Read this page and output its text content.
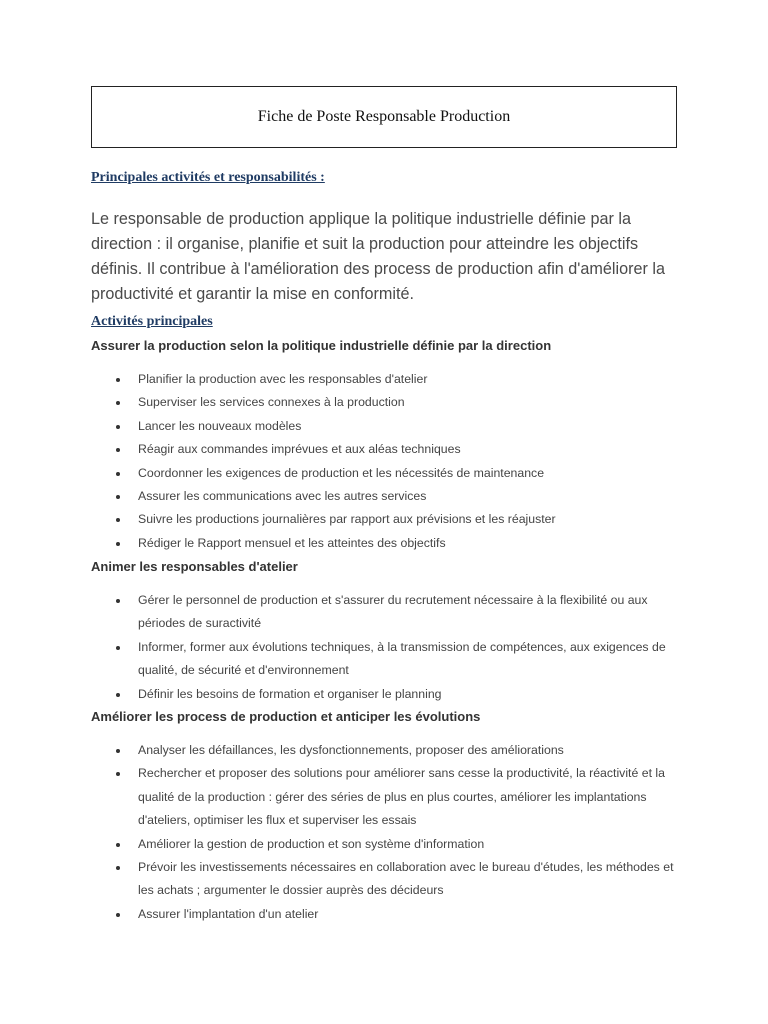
Fiche de Poste Responsable Production
Principales activités et responsabilités :

Le responsable de production applique la politique industrielle définie par la direction : il organise, planifie et suit la production pour atteindre les objectifs définis. Il contribue à l'amélioration des process de production afin d'améliorer la productivité et garantir la mise en conformité.

Activités principales
Assurer la production selon la politique industrielle définie par la direction
Planifier la production avec les responsables d'atelier
Superviser les services connexes à la production
Lancer les nouveaux modèles
Réagir aux commandes imprévues et aux aléas techniques
Coordonner les exigences de production et les nécessités de maintenance
Assurer les communications avec les autres services
Suivre les productions journalières par rapport aux prévisions et les réajuster
Rédiger le Rapport mensuel et les atteintes des objectifs
Animer les responsables d'atelier
Gérer le personnel de production et s'assurer du recrutement nécessaire à la flexibilité ou aux périodes de suractivité
Informer, former aux évolutions techniques, à la transmission de compétences, aux exigences de qualité, de sécurité et d'environnement
Définir les besoins de formation et organiser le planning
Améliorer les process de production et anticiper les évolutions
Analyser les défaillances, les dysfonctionnements, proposer des améliorations
Rechercher et proposer des solutions pour améliorer sans cesse la productivité, la réactivité et la qualité de la production : gérer des séries de plus en plus courtes, améliorer les implantations d'ateliers, optimiser les flux et superviser les essais
Améliorer la gestion de production et son système d'information
Prévoir les investissements nécessaires en collaboration avec le bureau d'études, les méthodes et les achats ; argumenter le dossier auprès des décideurs
Assurer l'implantation d'un atelier
